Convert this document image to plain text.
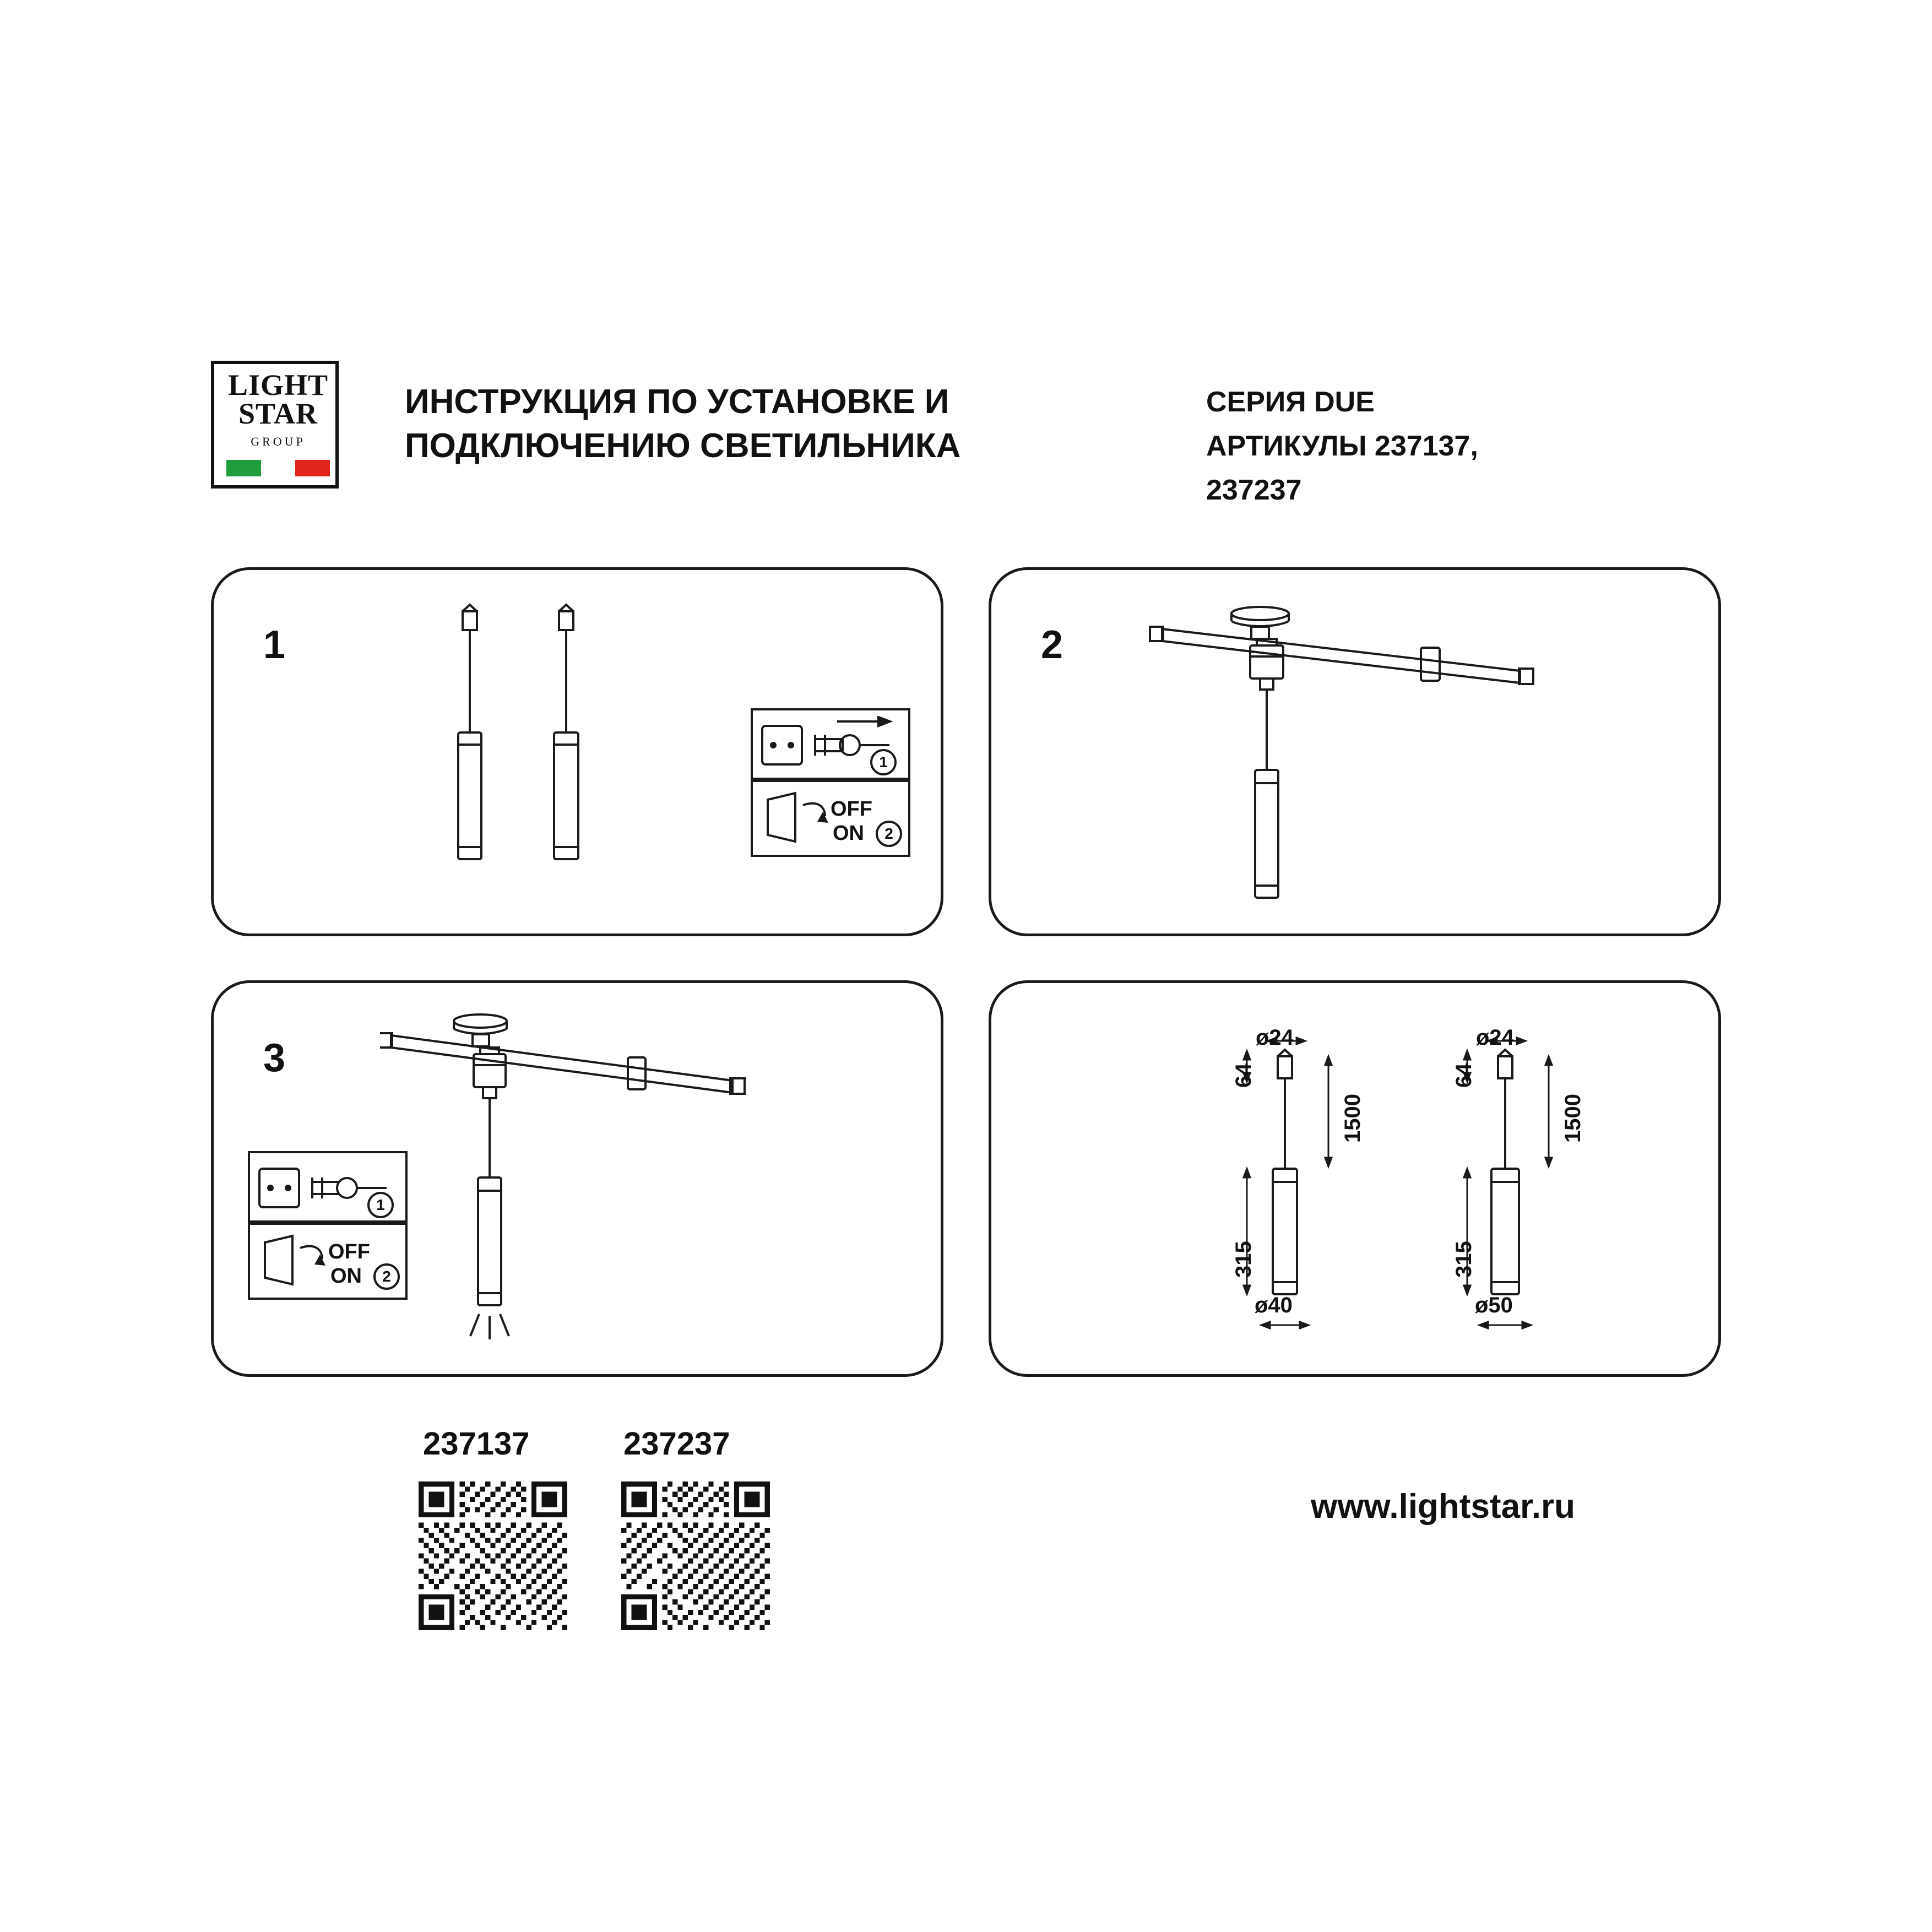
LIGHT
STAR
GROUP
ИНСТРУКЦИЯ ПО УСТАНОВКЕ И ПОДКЛЮЧЕНИЮ СВЕТИЛЬНИКА
СЕРИЯ DUE
АРТИКУЛЫ 237137,
237237
1
1
OFF
ON	2
2
3
1
OFF
ON	2
ø24
64
1500
315
ø40
ø24
64
1500
315
ø50
237137	237237
www.lightstar.ru
